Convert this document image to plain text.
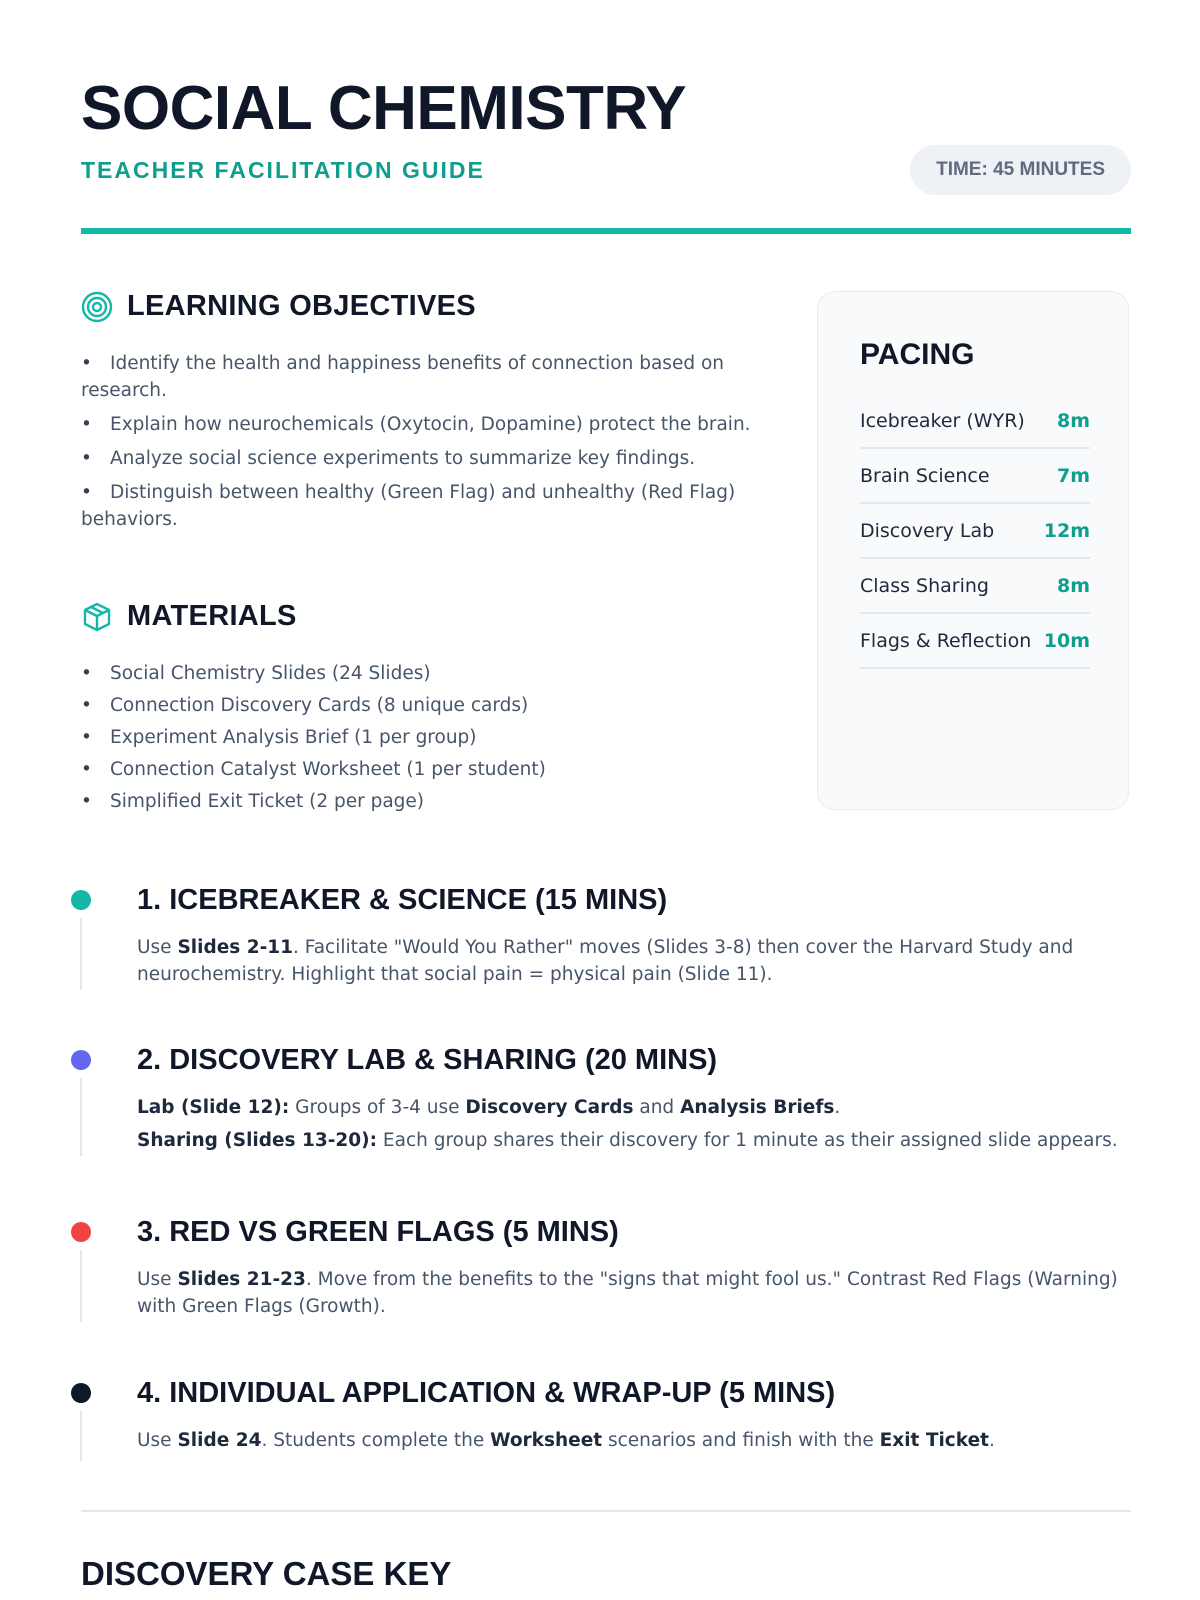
SOCIAL CHEMISTRY
TEACHER FACILITATION GUIDE	TIME: 45 MINUTES
LEARNING OBJECTIVES
• Identify the health and happiness benefits of connection based on research.
• Explain how neurochemicals (Oxytocin, Dopamine) protect the brain.
• Analyze social science experiments to summarize key findings.
• Distinguish between healthy (Green Flag) and unhealthy (Red Flag) behaviors.
MATERIALS
• Social Chemistry Slides (24 Slides)
• Connection Discovery Cards (8 unique cards)
• Experiment Analysis Brief (1 per group)
• Connection Catalyst Worksheet (1 per student)
• Simplified Exit Ticket (2 per page)
PACING
Icebreaker (WYR) 8m
Brain Science	7m
Discovery Lab	12m
Class Sharing	8m
Flags & Reflection 10m
1. ICEBREAKER & SCIENCE (15 MINS)

Use Slides 2-11. Facilitate "Would You Rather" moves (Slides 3-8) then cover the Harvard Study and neurochemistry. Highlight that social pain = physical pain (Slide 11).

2. DISCOVERY LAB & SHARING (20 MINS)

Lab (Slide 12): Groups of 3-4 use Discovery Cards and Analysis Briefs.

Sharing (Slides 13-20): Each group shares their discovery for 1 minute as their assigned slide appears.

3. RED VS GREEN FLAGS (5 MINS)

Use Slides 21-23. Move from the benefits to the "signs that might fool us." Contrast Red Flags (Warning) with Green Flags (Growth).

4. INDIVIDUAL APPLICATION & WRAP-UP (5 MINS)

Use Slide 24. Students complete the Worksheet scenarios and finish with the Exit Ticket.

DISCOVERY CASE KEY
